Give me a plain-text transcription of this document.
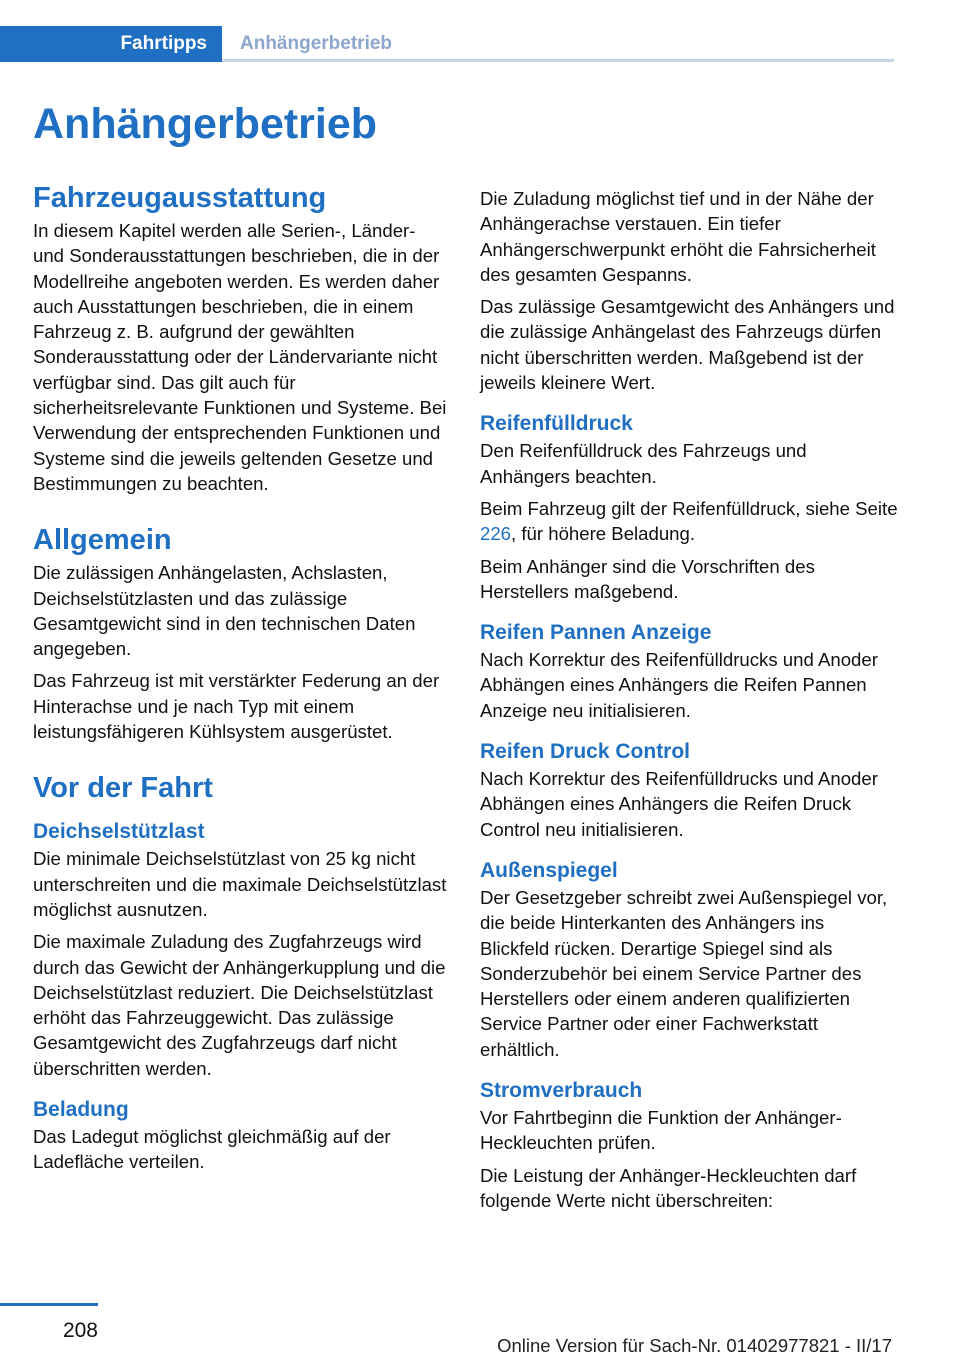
Fahrtipps	Anhängerbetrieb
Anhängerbetrieb
Fahrzeugausstattung

In diesem Kapitel werden alle Serien-, Länder- und Sonderausstattungen beschrieben, die in der Modellreihe angeboten werden. Es werden daher auch Ausstattungen beschrieben, die in einem Fahrzeug z. B. aufgrund der gewählten Sonderausstattung oder der Ländervariante nicht verfügbar sind. Das gilt auch für sicherheitsrelevante Funktionen und Systeme. Bei Verwendung der entsprechenden Funktionen und Systeme sind die jeweils geltenden Gesetze und Bestimmungen zu beachten.

Allgemein

Die zulässigen Anhängelasten, Achslasten, Deichselstützlasten und das zulässige Gesamtgewicht sind in den technischen Daten angegeben.

Das Fahrzeug ist mit verstärkter Federung an der Hinterachse und je nach Typ mit einem leistungsfähigeren Kühlsystem ausgerüstet.

Vor der Fahrt
Deichselstützlast

Die minimale Deichselstützlast von 25 kg nicht unterschreiten und die maximale Deichselstützlast möglichst ausnutzen.

Die maximale Zuladung des Zugfahrzeugs wird durch das Gewicht der Anhängerkupplung und die Deichselstützlast reduziert. Die Deichselstützlast erhöht das Fahrzeuggewicht. Das zulässige Gesamtgewicht des Zugfahrzeugs darf nicht überschritten werden.

Beladung

Das Ladegut möglichst gleichmäßig auf der Ladefläche verteilen.

Die Zuladung möglichst tief und in der Nähe der Anhängerachse verstauen. Ein tiefer Anhängerschwerpunkt erhöht die Fahrsicherheit des gesamten Gespanns.

Das zulässige Gesamtgewicht des Anhängers und die zulässige Anhängelast des Fahrzeugs dürfen nicht überschritten werden. Maßgebend ist der jeweils kleinere Wert.

Reifenfülldruck

Den Reifenfülldruck des Fahrzeugs und Anhängers beachten.

Beim Fahrzeug gilt der Reifenfülldruck, siehe Seite 226, für höhere Beladung.

Beim Anhänger sind die Vorschriften des Herstellers maßgebend.

Reifen Pannen Anzeige

Nach Korrektur des Reifenfülldrucks und Anoder Abhängen eines Anhängers die Reifen Pannen Anzeige neu initialisieren.

Reifen Druck Control

Nach Korrektur des Reifenfülldrucks und Anoder Abhängen eines Anhängers die Reifen Druck Control neu initialisieren.

Außenspiegel

Der Gesetzgeber schreibt zwei Außenspiegel vor, die beide Hinterkanten des Anhängers ins Blickfeld rücken. Derartige Spiegel sind als Sonderzubehör bei einem Service Partner des Herstellers oder einem anderen qualifizierten Service Partner oder einer Fachwerkstatt erhältlich.

Stromverbrauch

Vor Fahrtbeginn die Funktion der Anhänger-Heckleuchten prüfen.

Die Leistung der Anhänger-Heckleuchten darf folgende Werte nicht überschreiten:

208
Online Version für Sach-Nr. 01402977821 - II/17
